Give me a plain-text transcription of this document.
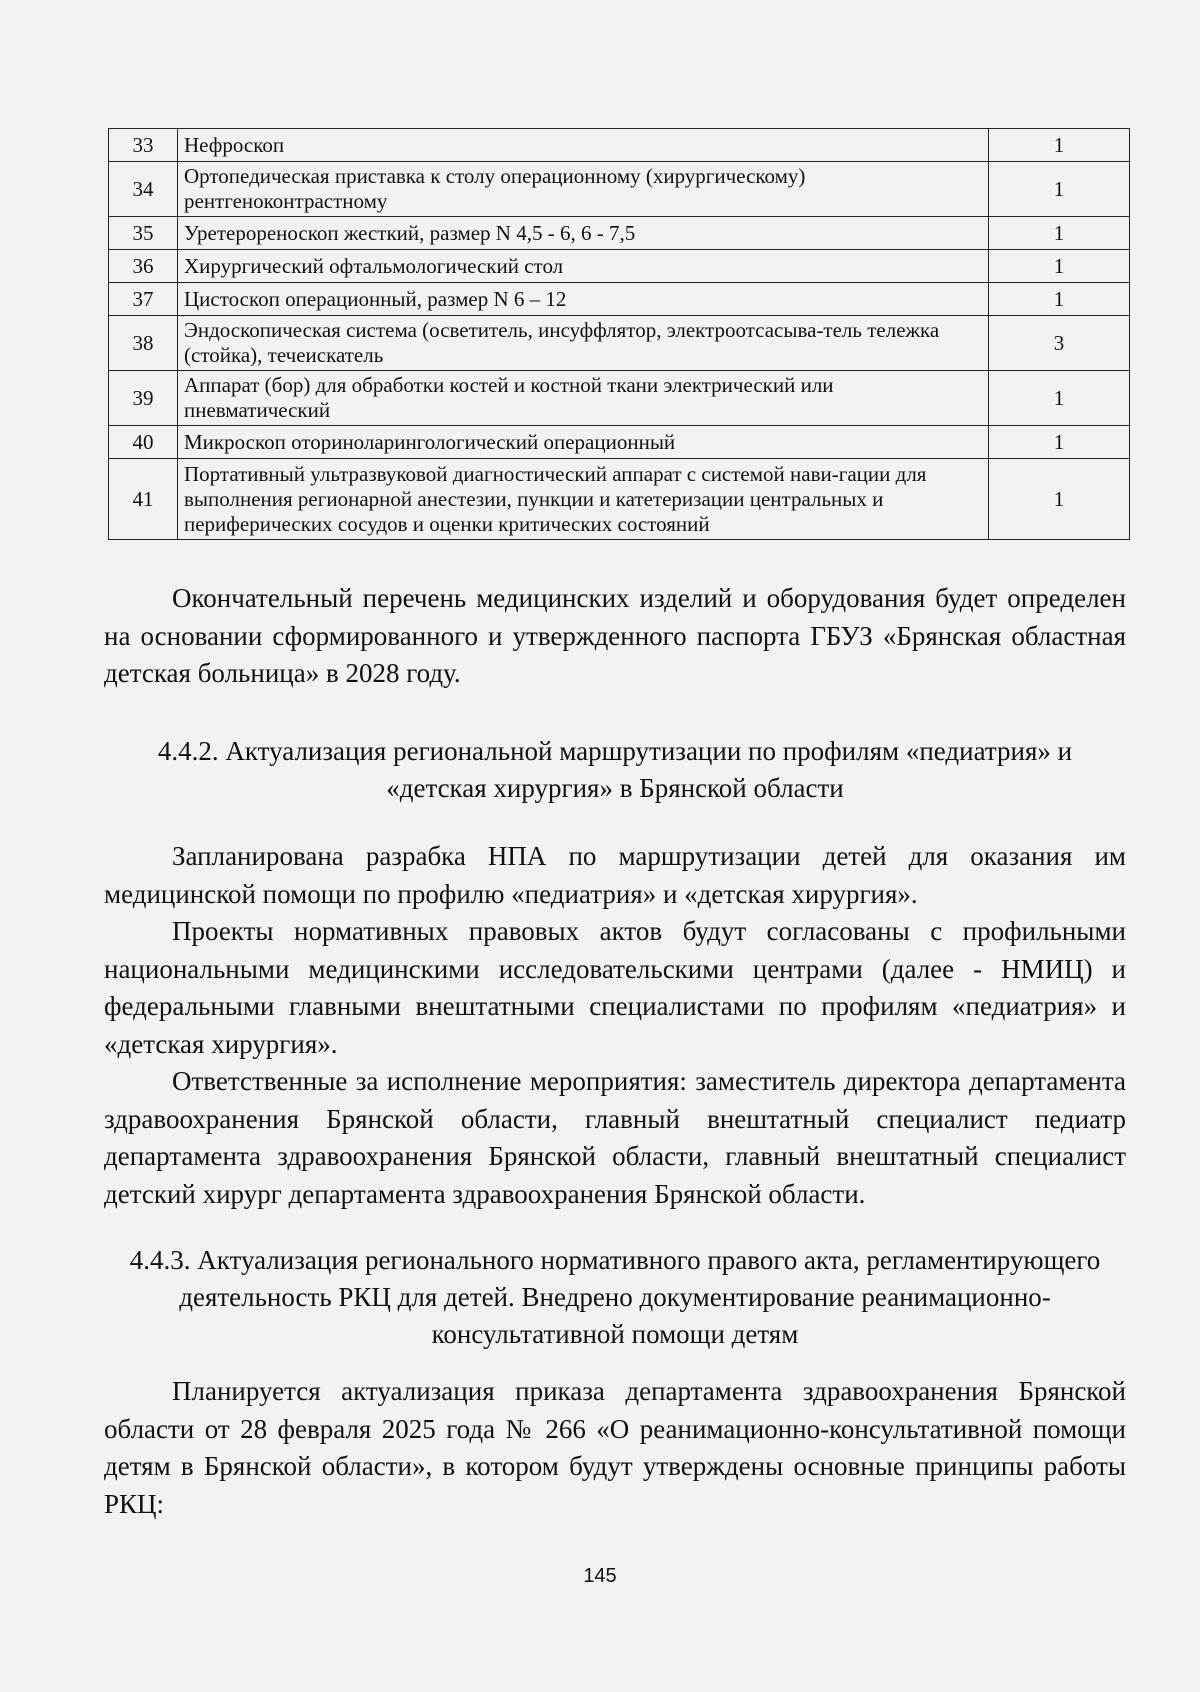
33	Нефроскоп	1
34	Ортопедическая приставка к столу операционному (хирургическому) рентгеноконтрастному	1
35	Уретерореноскоп жесткий, размер N 4,5 - 6, 6 - 7,5	1
36	Хирургический офтальмологический стол	1
37	Цистоскоп операционный, размер N 6 – 12	1
38	Эндоскопическая система (осветитель, инсуффлятор, электроотсасыва-тель тележка (стойка), течеискатель	3
39	Аппарат (бор) для обработки костей и костной ткани электрический или пневматический	1
40	Микроскоп оториноларингологический операционный	1
41	Портативный ультразвуковой диагностический аппарат с системой нави-гации для выполнения регионарной анестезии, пункции и катетеризации центральных и периферических сосудов и оценки критических состояний	1

Окончательный перечень медицинских изделий и оборудования будет определен на основании сформированного и утвержденного паспорта ГБУЗ «Брянская областная детская больница» в 2028 году.

4.4.2. Актуализация региональной маршрутизации по профилям «педиатрия» и
«детская хирургия» в Брянской области

Запланирована разрабка НПА по маршрутизации детей для оказания им медицинской помощи по профилю «педиатрия» и «детская хирургия».

Проекты нормативных правовых актов будут согласованы с профильными национальными медицинскими исследовательскими центрами (далее - НМИЦ) и федеральными главными внештатными специалистами по профилям «педиатрия» и «детская хирургия».

Ответственные за исполнение мероприятия: заместитель директора департамента здравоохранения Брянской области, главный внештатный специалист педиатр департамента здравоохранения Брянской области, главный внештатный специалист детский хирург департамента здравоохранения Брянской области.

4.4.3. Актуализация регионального нормативного правого акта, регламентирующего
деятельность РКЦ для детей. Внедрено документирование реанимационно-
консультативной помощи детям

Планируется актуализация приказа департамента здравоохранения Брянской области от 28 февраля 2025 года № 266 «О реанимационно-консультативной помощи детям в Брянской области», в котором будут утверждены основные принципы работы РКЦ:

145
